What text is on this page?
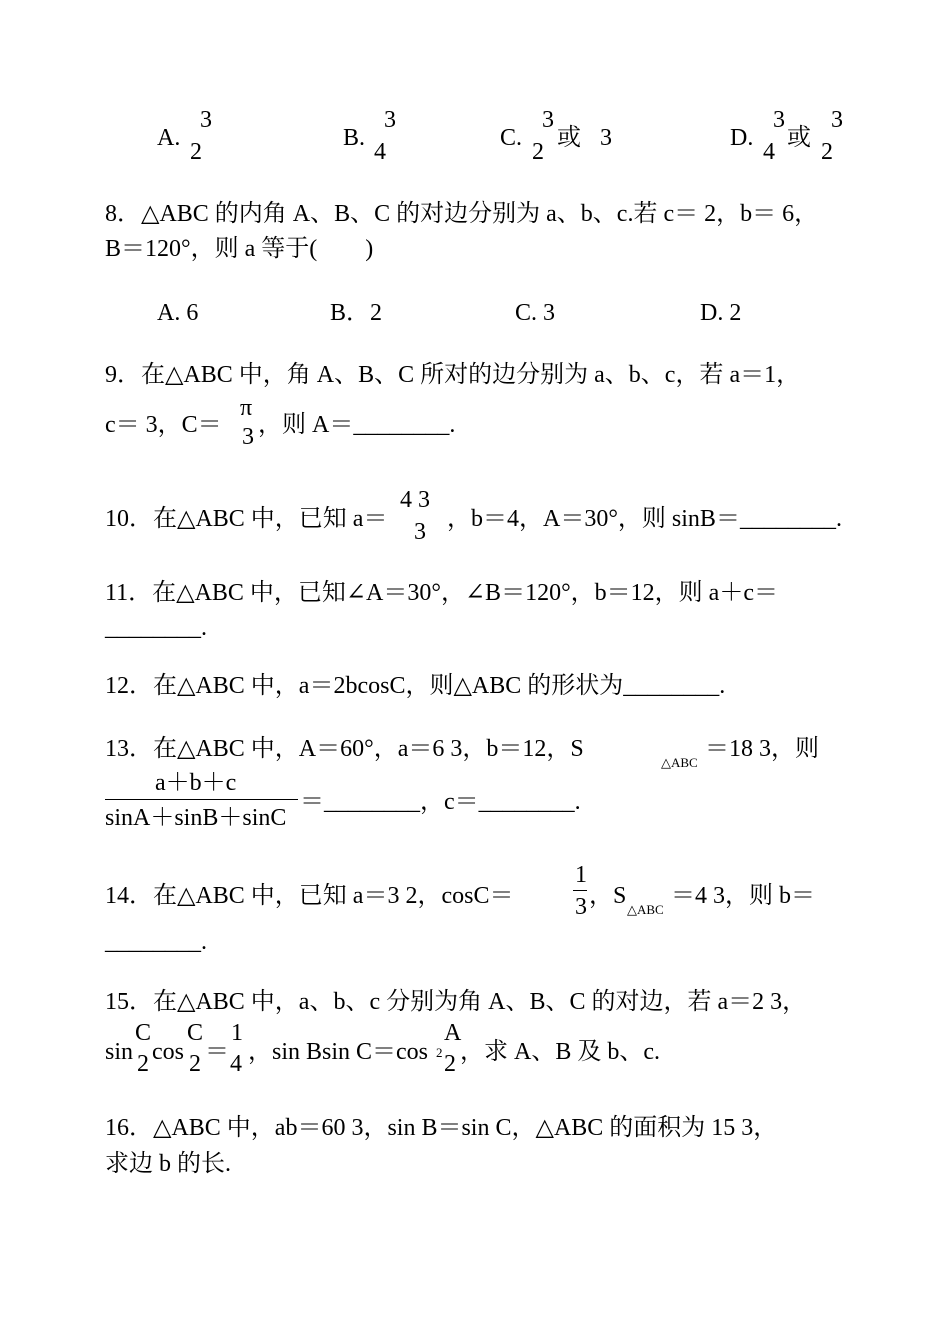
A.
3
2
B.
3
4
C.
3
2
或 3	D.
3
4
或
3
2
8．△ABC 的内角 A、B、C 的对边分别为 a、b、c.若 c＝ 2，b＝ 6，
B＝120°，则 a 等于(　　)
A. 6	B．2	C. 3	D. 2
9．在△ABC 中，角 A、B、C 所对的边分别为 a、b、c，若 a＝1，
c＝ 3，C＝
π
3 ，则 A＝________.
10．在△ABC 中，已知 a＝
4 3
3 ，b＝4，A＝30°，则 sinB＝________.
11．在△ABC 中，已知∠A＝30°，∠B＝120°，b＝12，则 a＋c＝
________.
12．在△ABC 中，a＝2bcosC，则△ABC 的形状为________.
13．在△ABC 中，A＝60°，a＝6 3，b＝12，S
△ABC
＝18 3，则
a＋b＋c
sinA＋sinB＋sinC
＝________，c＝________.
14．在△ABC 中，已知 a＝3 2，cosC＝
1
3 ，S
△ABC
＝4 3，则 b＝
________.
15．在△ABC 中，a、b、c 分别为角 A、B、C 的对边，若 a＝2 3，
sin
C
2 cos
C
2 ＝
1
4 ，sin Bsin C＝cos 2
A
2 ，求 A、B 及 b、c.
16．△ABC 中，ab＝60 3，sin B＝sin C，△ABC 的面积为 15 3，
求边 b 的长.
